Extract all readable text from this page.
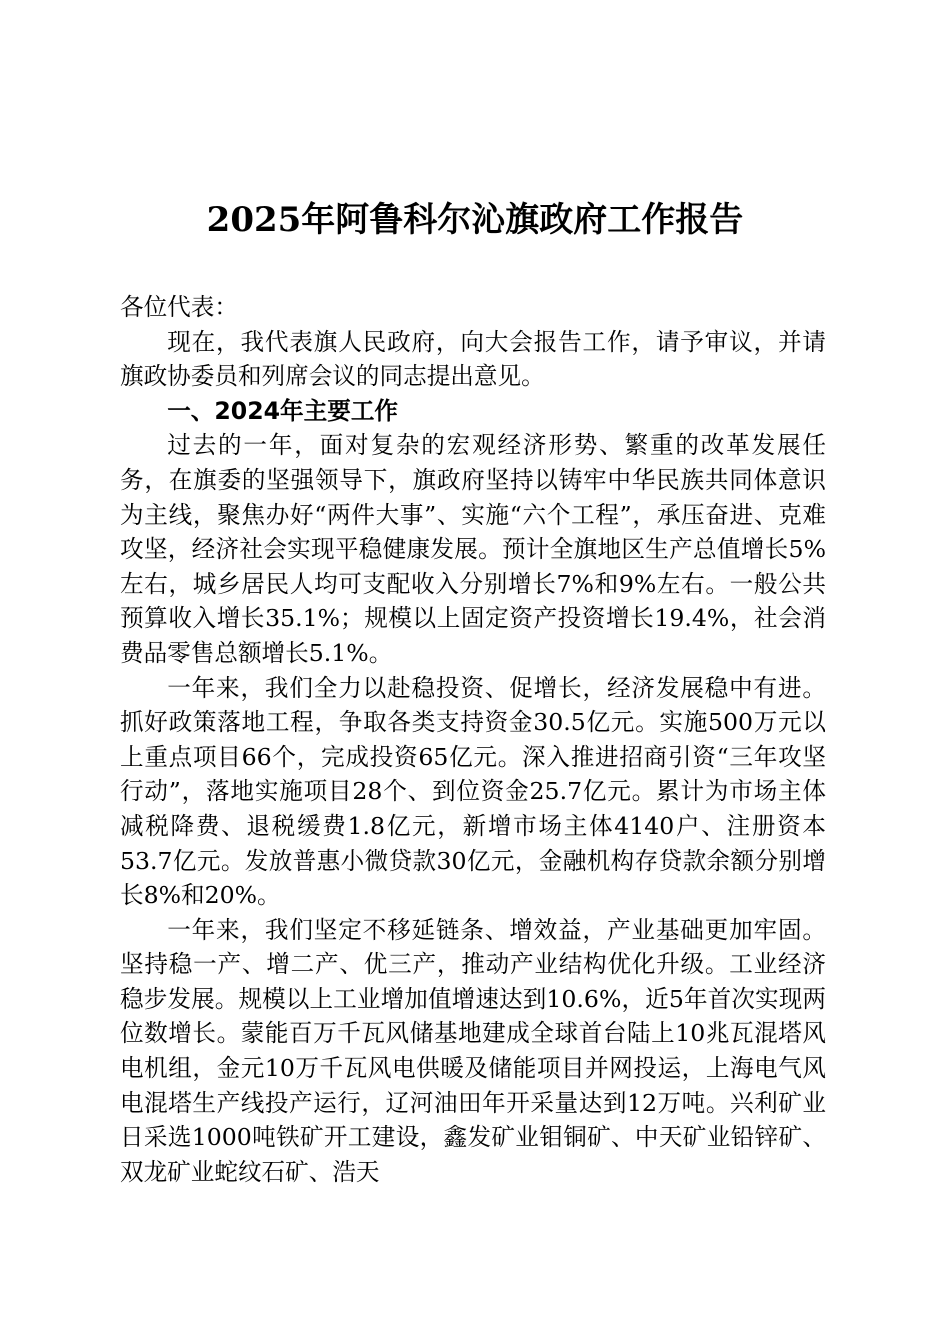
2025年阿鲁科尔沁旗政府工作报告

各位代表：

现在，我代表旗人民政府，向大会报告工作，请予审议，并请旗政协委员和列席会议的同志提出意见。

一、2024年主要工作

过去的一年，面对复杂的宏观经济形势、繁重的改革发展任务，在旗委的坚强领导下，旗政府坚持以铸牢中华民族共同体意识为主线，聚焦办好“两件大事”、实施“六个工程”，承压奋进、克难攻坚，经济社会实现平稳健康发展。预计全旗地区生产总值增长5%左右，城乡居民人均可支配收入分别增长7%和9%左右。一般公共预算收入增长35.1%；规模以上固定资产投资增长19.4%，社会消费品零售总额增长5.1%。

一年来，我们全力以赴稳投资、促增长，经济发展稳中有进。抓好政策落地工程，争取各类支持资金30.5亿元。实施500万元以上重点项目66个，完成投资65亿元。深入推进招商引资“三年攻坚行动”，落地实施项目28个、到位资金25.7亿元。累计为市场主体减税降费、退税缓费1.8亿元，新增市场主体4140户、注册资本53.7亿元。发放普惠小微贷款30亿元，金融机构存贷款余额分别增长8%和20%。

一年来，我们坚定不移延链条、增效益，产业基础更加牢固。坚持稳一产、增二产、优三产，推动产业结构优化升级。工业经济稳步发展。规模以上工业增加值增速达到10.6%，近5年首次实现两位数增长。蒙能百万千瓦风储基地建成全球首台陆上10兆瓦混塔风电机组，金元10万千瓦风电供暖及储能项目并网投运，上海电气风电混塔生产线投产运行，辽河油田年开采量达到12万吨。兴利矿业日采选1000吨铁矿开工建设，鑫发矿业钼铜矿、中天矿业铅锌矿、双龙矿业蛇纹石矿、浩天
